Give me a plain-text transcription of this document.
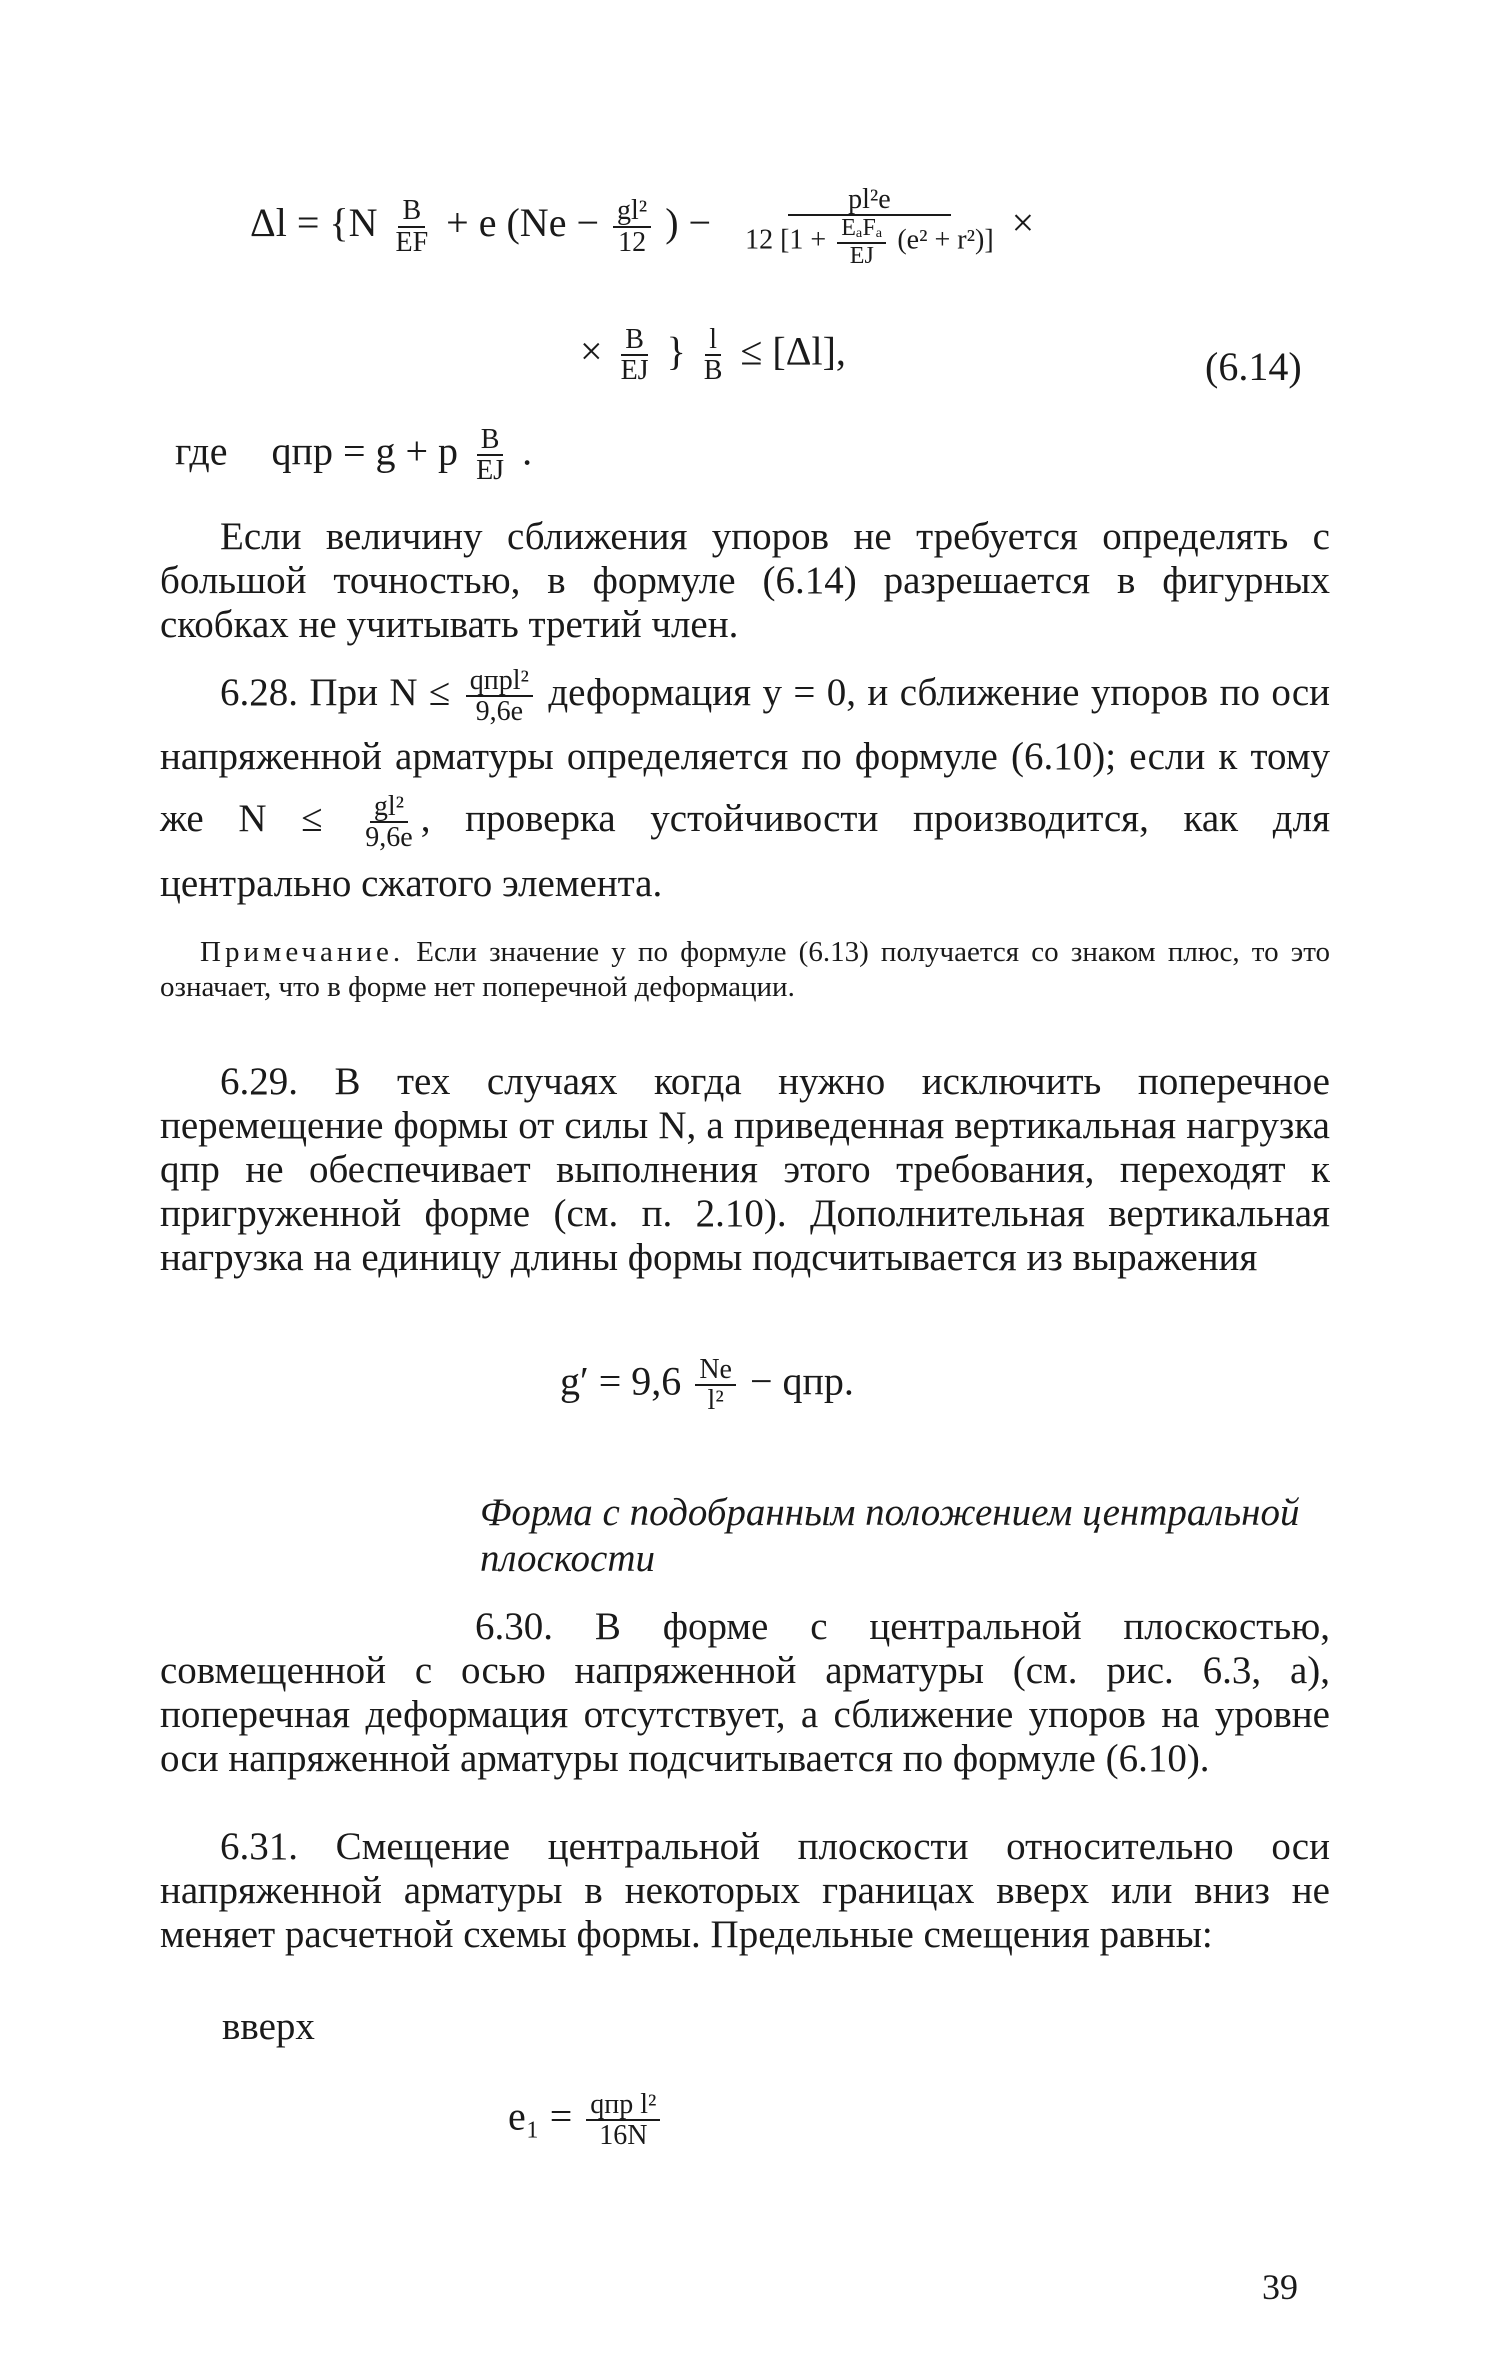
$\Delta l = \{N \frac{B}{EF} + e$ ($Ne - \frac{\text{gl²}}{12}$ ) − $\frac{\text{pl²e}}{12 [1 + \frac{\text{EₐFₐ}}{EJ} (e^2 + r^2)]}$ ×
× $\frac{B}{EJ}$ } $\frac{l}{B} \le [\Delta l]$,	(6.14)
где qпр = g + p $\frac{B}{EJ}$ .
Если величину сближения упоров не требуется определять с большой точностью, в формуле (6.14) разрешается в фигурных скобках не учитывать третий член.
6.28. При $N \le \frac{\text{qпрl²}}{9,6e}$ деформация y = 0, и сближение упоров по оси напряженной арматуры определяется по формуле (6.10); если к тому же $N \le \frac{\text{gl²}}{9,6e}$ , проверка устойчивости производится, как для центрально сжатого элемента.
Примечание. Если значение y по формуле (6.13) получается со знаком плюс, то это означает, что в форме нет поперечной деформации.
6.29. В тех случаях когда нужно исключить поперечное перемещение формы от силы N, а приведенная вертикальная нагрузка qпр не обеспечивает выполнения этого требования, переходят к пригруженной форме (см. п. 2.10). Дополнительная вертикальная нагрузка на единицу длины формы подсчитывается из выражения
$g' = 9,6 \frac{Ne}{\text{l²}}$ − qпр.
Форма с подобранным положением центральной плоскости
6.30. В форме с центральной плоскостью, совмещенной с осью напряженной арматуры (см. рис. 6.3, а), поперечная деформация отсутствует, а сближение упоров на уровне оси напряженной арматуры подсчитывается по формуле (6.10).
6.31. Смещение центральной плоскости относительно оси напряженной арматуры в некоторых границах вверх или вниз не меняет расчетной схемы формы. Предельные смещения равны:
вверх
$e_1 = \frac{\text{qпр l²}}{16N}$
39
